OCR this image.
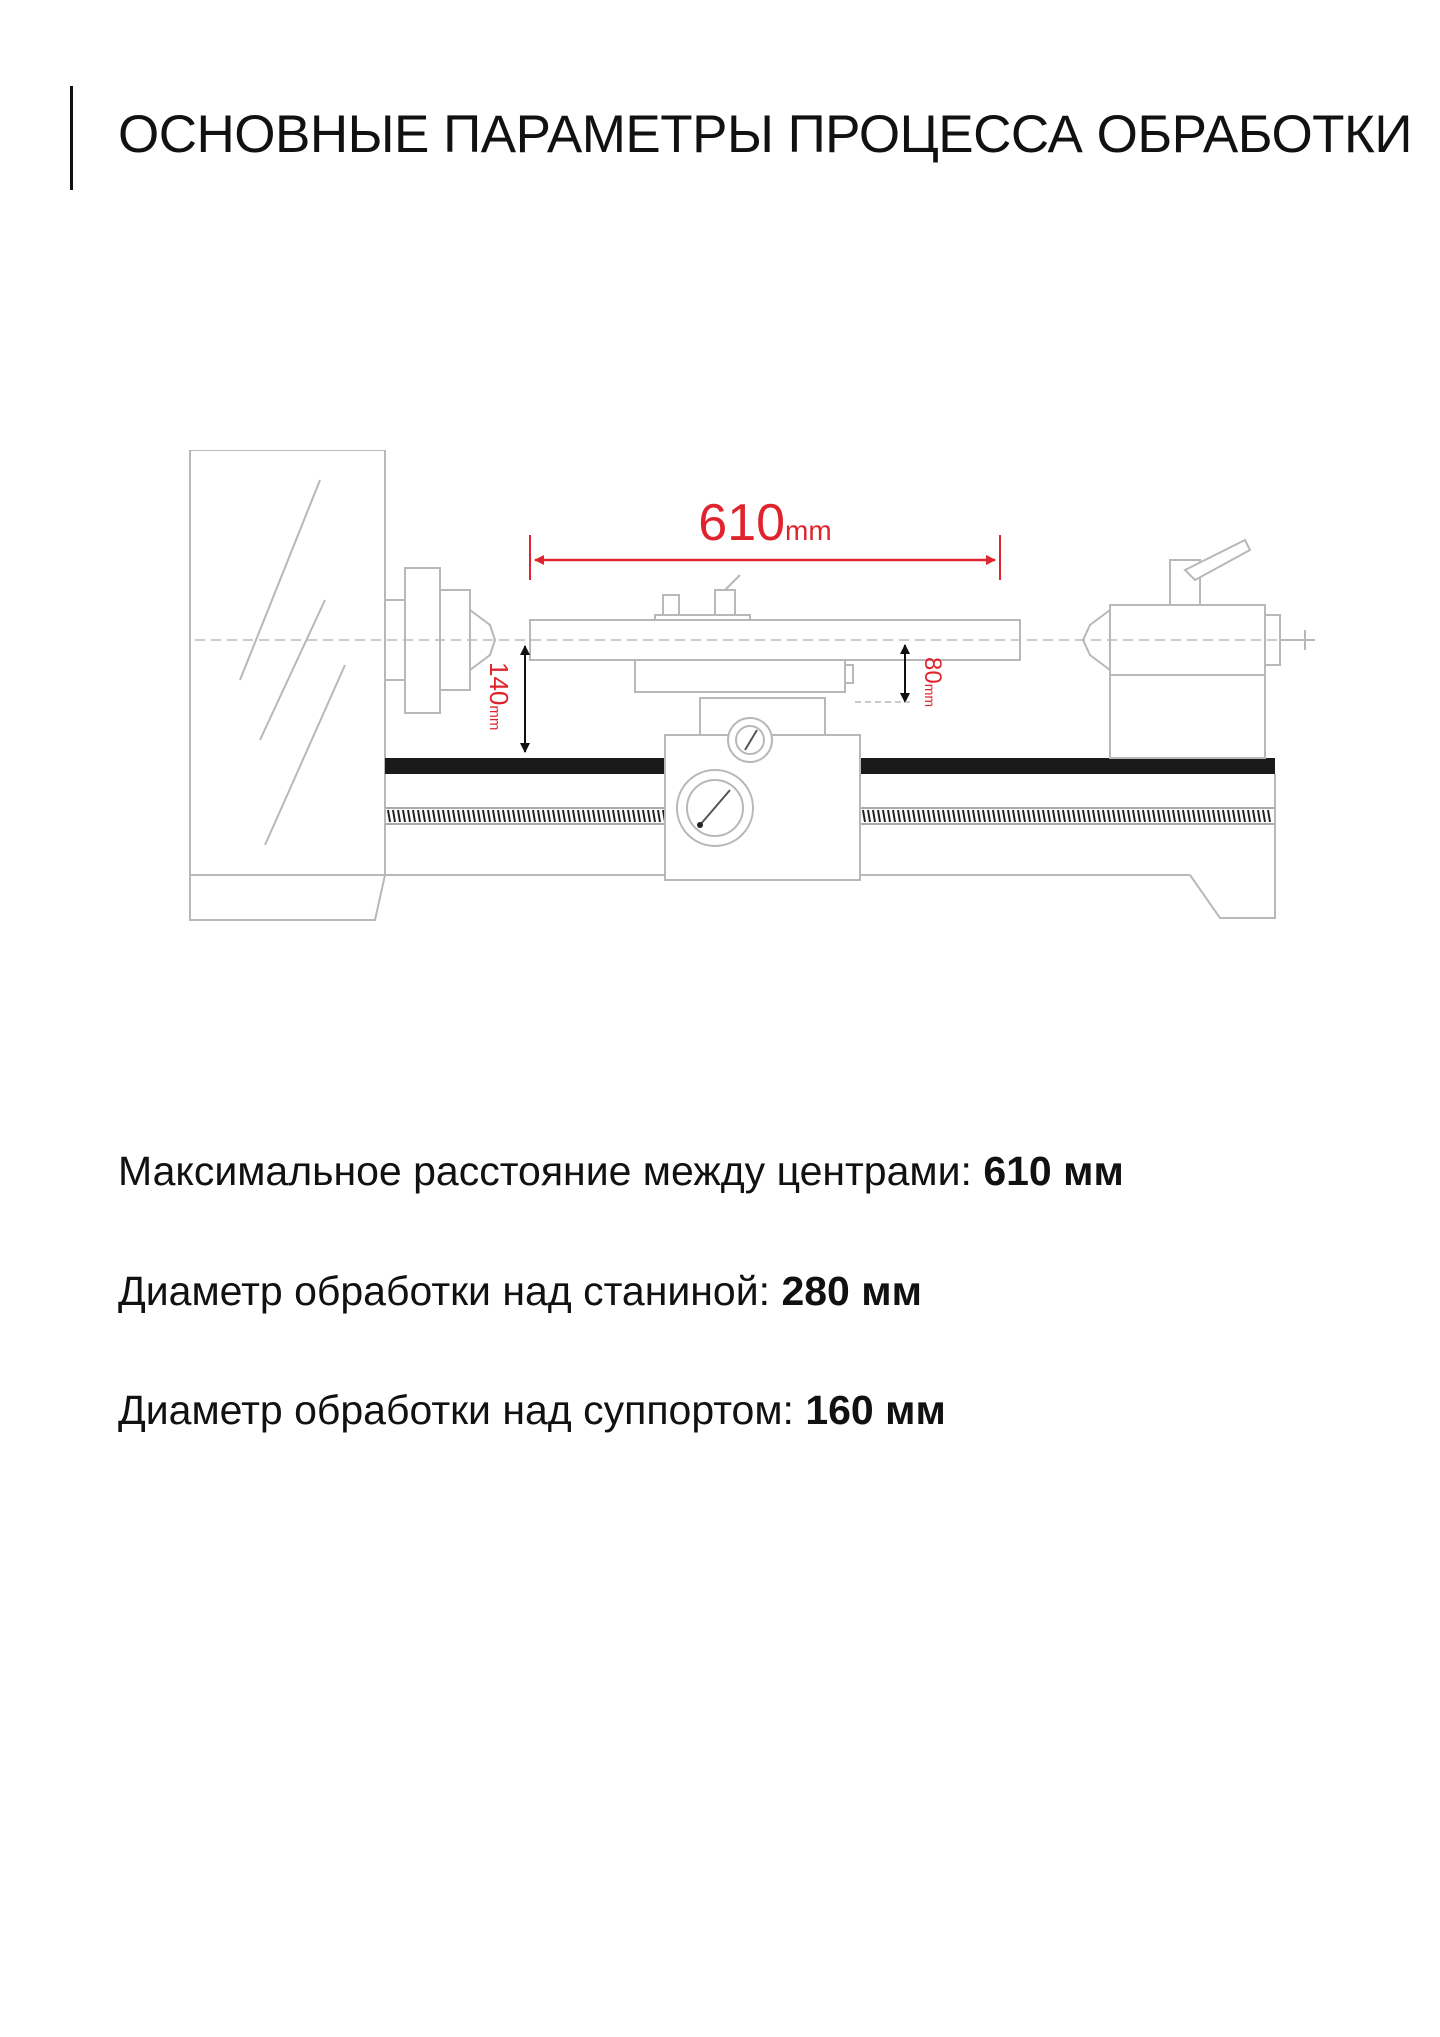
ОСНОВНЫЕ ПАРАМЕТРЫ ПРОЦЕССА ОБРАБОТКИ
610mm
140mm
80mm
Максимальное расстояние между центрами: 610 мм
Диаметр обработки над станиной: 280 мм
Диаметр обработки над суппортом: 160 мм
